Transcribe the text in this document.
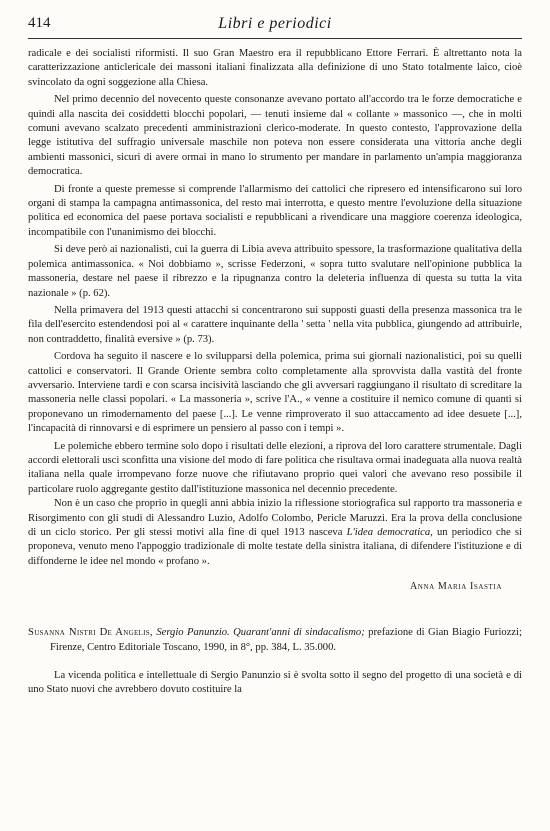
414	Libri e periodici

radicale e dei socialisti riformisti. Il suo Gran Maestro era il repubblicano Ettore Ferrari. È altrettanto nota la caratterizzazione anticlericale dei massoni italiani finalizzata alla definizione di uno Stato totalmente laico, cioè svincolato da ogni soggezione alla Chiesa.

Nel primo decennio del novecento queste consonanze avevano portato all'accordo tra le forze democratiche e quindi alla nascita dei cosiddetti blocchi popolari, — tenuti insieme dal « collante » massonico —, che in molti comuni avevano scalzato precedenti amministrazioni clerico-moderate. In questo contesto, l'approvazione della legge istitutiva del suffragio universale maschile non poteva non essere considerata una vittoria anche degli ambienti massonici, sicuri di avere ormai in mano lo strumento per mandare in parlamento un'ampia maggioranza democratica.

Di fronte a queste premesse si comprende l'allarmismo dei cattolici che ripresero ed intensificarono sui loro organi di stampa la campagna antimassonica, del resto mai interrotta, e questo mentre l'evoluzione della situazione politica ed economica del paese portava socialisti e repubblicani a rivendicare una maggiore coerenza ideologica, incompatibile con l'unanimismo dei blocchi.

Si deve però ai nazionalisti, cui la guerra di Libia aveva attribuito spessore, la trasformazione qualitativa della polemica antimassonica. « Noi dobbiamo », scrisse Federzoni, « sopra tutto svalutare nell'opinione pubblica la massoneria, destare nel paese il ribrezzo e la ripugnanza contro la deleteria influenza di questa su tutta la vita nazionale » (p. 62).

Nella primavera del 1913 questi attacchi si concentrarono sui supposti guasti della presenza massonica tra le fila dell'esercito estendendosi poi al « carattere inquinante della ' setta ' nella vita pubblica, giungendo ad attribuirle, non contraddetto, finalità eversive » (p. 73).

Cordova ha seguito il nascere e lo svilupparsi della polemica, prima sui giornali nazionalistici, poi su quelli cattolici e conservatori. Il Grande Oriente sembra colto completamente alla sprovvista dalla vastità del fronte avversario. Interviene tardi e con scarsa incisività lasciando che gli avversari raggiungano il risultato di screditare la massoneria nelle classi popolari. « La massoneria », scrive l'A., « venne a costituire il nemico comune di quanti si proponevano un rimodernamento del paese [...]. Le venne rimproverato il suo attaccamento ad idee desuete [...], l'incapacità di rinnovarsi e di esprimere un pensiero al passo con i tempi ».

Le polemiche ebbero termine solo dopo i risultati delle elezioni, a riprova del loro carattere strumentale. Dagli accordi elettorali uscì sconfitta una visione del modo di fare politica che risultava ormai inadeguata alla nuova realtà italiana nella quale irrompevano forze nuove che rifiutavano proprio quei valori che avevano reso possibile il particolare ruolo aggregante gestito dall'istituzione massonica nel decennio precedente.

Non è un caso che proprio in quegli anni abbia inizio la riflessione storiografica sul rapporto tra massoneria e Risorgimento con gli studi di Alessandro Luzio, Adolfo Colombo, Pericle Maruzzi. Era la prova della conclusione di un ciclo storico. Per gli stessi motivi alla fine di quel 1913 nasceva L'idea democratica, un periodico che si proponeva, venuto meno l'appoggio tradizionale di molte testate della sinistra italiana, di difendere l'istituzione e di diffonderne le idee nel mondo « profano ».

Anna Maria Isastia

Susanna Nistri De Angelis, Sergio Panunzio. Quarant'anni di sindacalismo; prefazione di Gian Biagio Furiozzi; Firenze, Centro Editoriale Toscano, 1990, in 8°, pp. 384, L. 35.000.

La vicenda politica e intellettuale di Sergio Panunzio si è svolta sotto il segno del progetto di una società e di uno Stato nuovi che avrebbero dovuto costituire la
